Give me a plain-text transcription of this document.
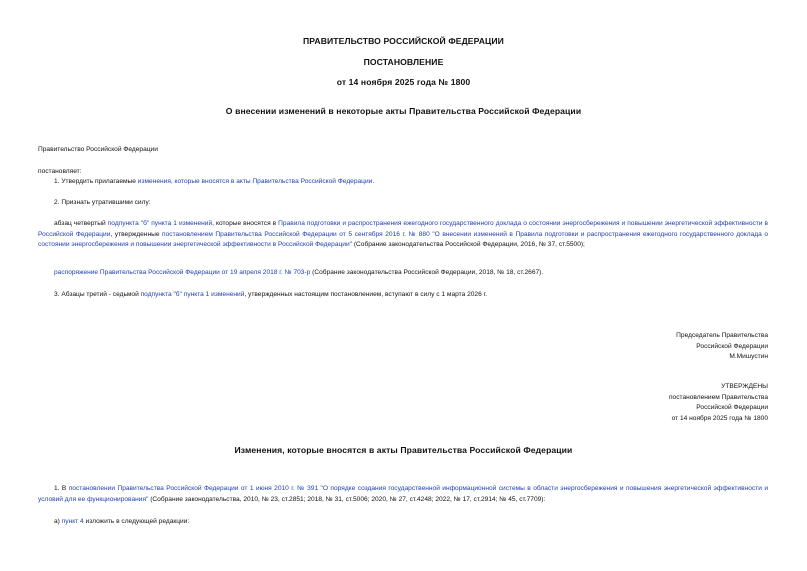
ПРАВИТЕЛЬСТВО РОССИЙСКОЙ ФЕДЕРАЦИИ
ПОСТАНОВЛЕНИЕ
от 14 ноября 2025 года № 1800
О внесении изменений в некоторые акты Правительства Российской Федерации
Правительство Российской Федерации
постановляет:
1. Утвердить прилагаемые изменения, которые вносятся в акты Правительства Российской Федерации.
2. Признать утратившими силу:
абзац четвертый подпункта "б" пункта 1 изменений, которые вносятся в Правила подготовки и распространения ежегодного государственного доклада о состоянии энергосбережения и повышении энергетической эффективности в Российской Федерации, утвержденные постановлением Правительства Российской Федерации от 5 сентября 2016 г. № 880 "О внесении изменений в Правила подготовки и распространения ежегодного государственного доклада о состоянии энергосбережения и повышении энергетической эффективности в Российской Федерации" (Собрание законодательства Российской Федерации, 2016, № 37, ст.5500);
распоряжение Правительства Российской Федерации от 19 апреля 2018 г. № 703-р (Собрание законодательства Российской Федерации, 2018, № 18, ст.2667).
3. Абзацы третий - седьмой подпункта "б" пункта 1 изменений, утвержденных настоящим постановлением, вступают в силу с 1 марта 2026 г.
Председатель Правительства
Российской Федерации
М.Мишустин
УТВЕРЖДЕНЫ
постановлением Правительства
Российской Федерации
от 14 ноября 2025 года № 1800
Изменения, которые вносятся в акты Правительства Российской Федерации
1. В постановлении Правительства Российской Федерации от 1 июня 2010 г. № 391 "О порядке создания государственной информационной системы в области энергосбережения и повышения энергетической эффективности и условий для ее функционирования" (Собрание законодательства, 2010, № 23, ст.2851; 2018, № 31, ст.5006; 2020, № 27, ст.4248; 2022, № 17, ст.2914; № 45, ст.7709):
а) пункт 4 изложить в следующей редакции:
